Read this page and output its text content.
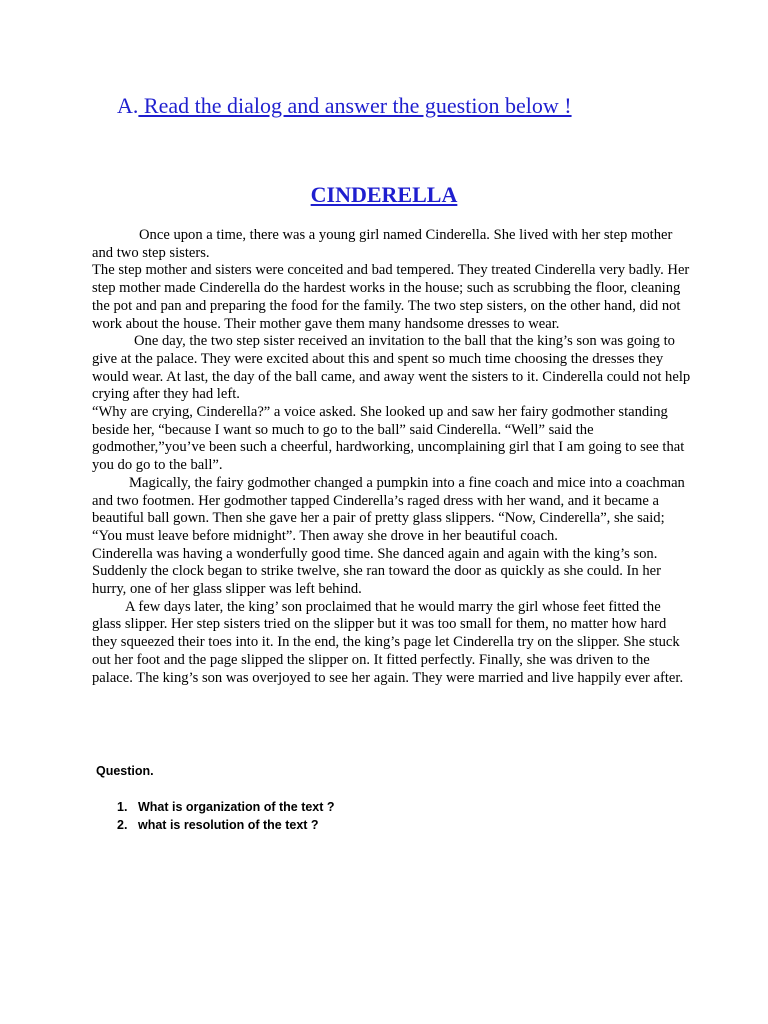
A. Read the dialog and answer the guestion below !
CINDERELLA

Once upon a time, there was a young girl named Cinderella. She lived with her step mother and two step sisters.

The step mother and sisters were conceited and bad tempered. They treated Cinderella very badly. Her step mother made Cinderella do the hardest works in the house; such as scrubbing the floor, cleaning the pot and pan and preparing the food for the family. The two step sisters, on the other hand, did not work about the house. Their mother gave them many handsome dresses to wear.

One day, the two step sister received an invitation to the ball that the king’s son was going to give at the palace. They were excited about this and spent so much time choosing the dresses they would wear. At last, the day of the ball came, and away went the sisters to it. Cinderella could not help crying after they had left.

“Why are crying, Cinderella?” a voice asked. She looked up and saw her fairy godmother standing beside her, “because I want so much to go to the ball” said Cinderella. “Well” said the godmother,”you’ve been such a cheerful, hardworking, uncomplaining girl that I am going to see that you do go to the ball”.

Magically, the fairy godmother changed a pumpkin into a fine coach and mice into a coachman and two footmen. Her godmother tapped Cinderella’s raged dress with her wand, and it became a beautiful ball gown. Then she gave her a pair of pretty glass slippers. “Now, Cinderella”, she said; “You must leave before midnight”. Then away she drove in her beautiful coach.

Cinderella was having a wonderfully good time. She danced again and again with the king’s son. Suddenly the clock began to strike twelve, she ran toward the door as quickly as she could. In her hurry, one of her glass slipper was left behind.

A few days later, the king’ son proclaimed that he would marry the girl whose feet fitted the glass slipper. Her step sisters tried on the slipper but it was too small for them, no matter how hard they squeezed their toes into it. In the end, the king’s page let Cinderella try on the slipper. She stuck out her foot and the page slipped the slipper on. It fitted perfectly. Finally, she was driven to the palace. The king’s son was overjoyed to see her again. They were married and live happily ever after.

Question.

1. What is organization of the text ?
2. what is resolution of the text ?
